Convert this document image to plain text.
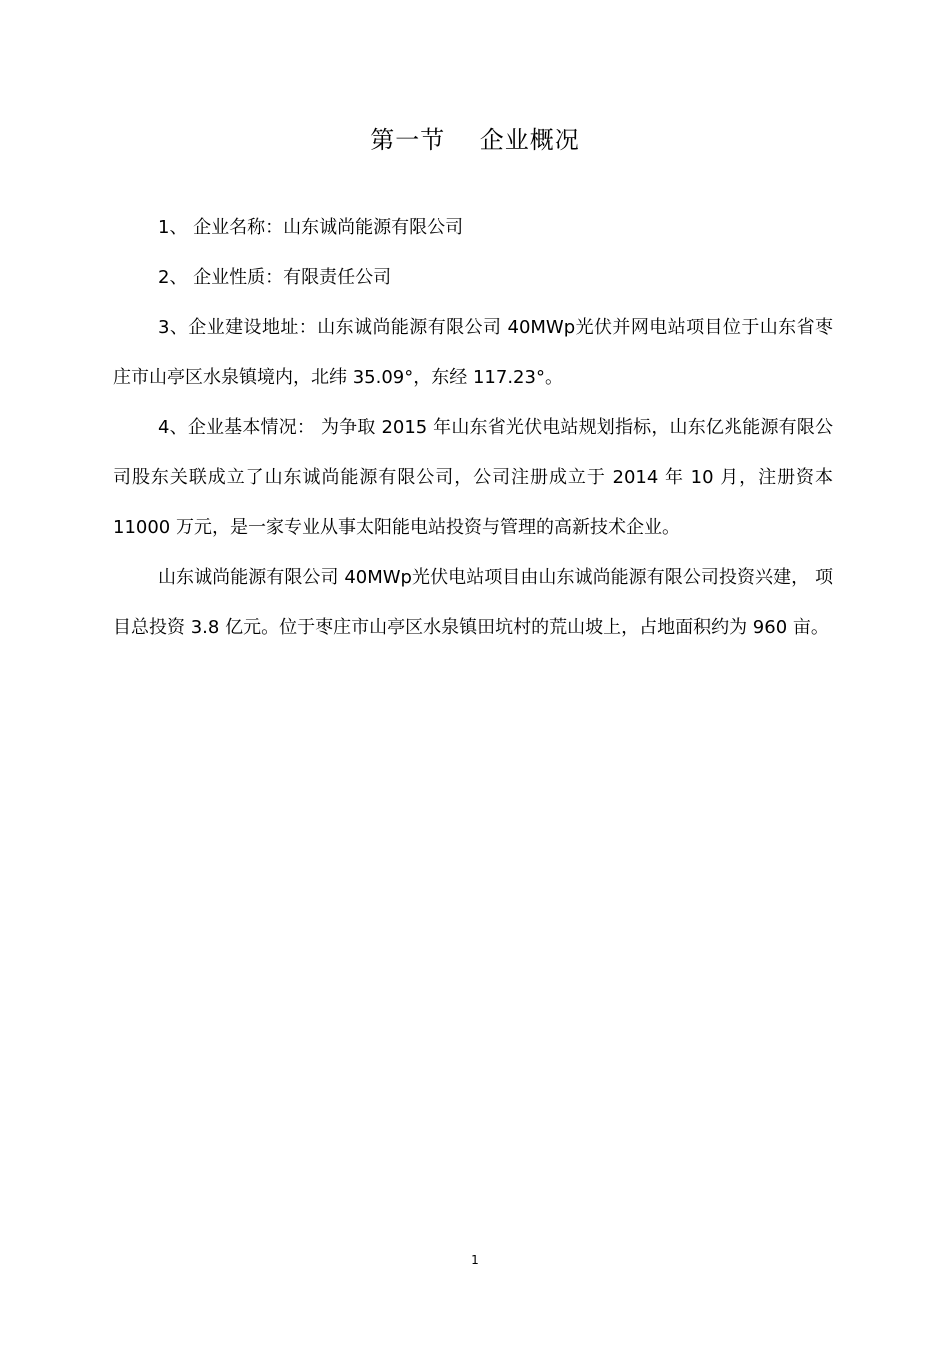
第一节    企业概况

1、 企业名称：山东诚尚能源有限公司

2、 企业性质：有限责任公司

3、企业建设地址：山东诚尚能源有限公司 40MWp光伏并网电站项目位于山东省枣庄市山亭区水泉镇境内，北纬 35.09°，东经 117.23°。

4、企业基本情况： 为争取 2015 年山东省光伏电站规划指标，山东亿兆能源有限公司股东关联成立了山东诚尚能源有限公司，公司注册成立于 2014 年 10 月，注册资本 11000 万元，是一家专业从事太阳能电站投资与管理的高新技术企业。

山东诚尚能源有限公司 40MWp光伏电站项目由山东诚尚能源有限公司投资兴建， 项目总投资 3.8 亿元。位于枣庄市山亭区水泉镇田坑村的荒山坡上，占地面积约为 960 亩。

1
